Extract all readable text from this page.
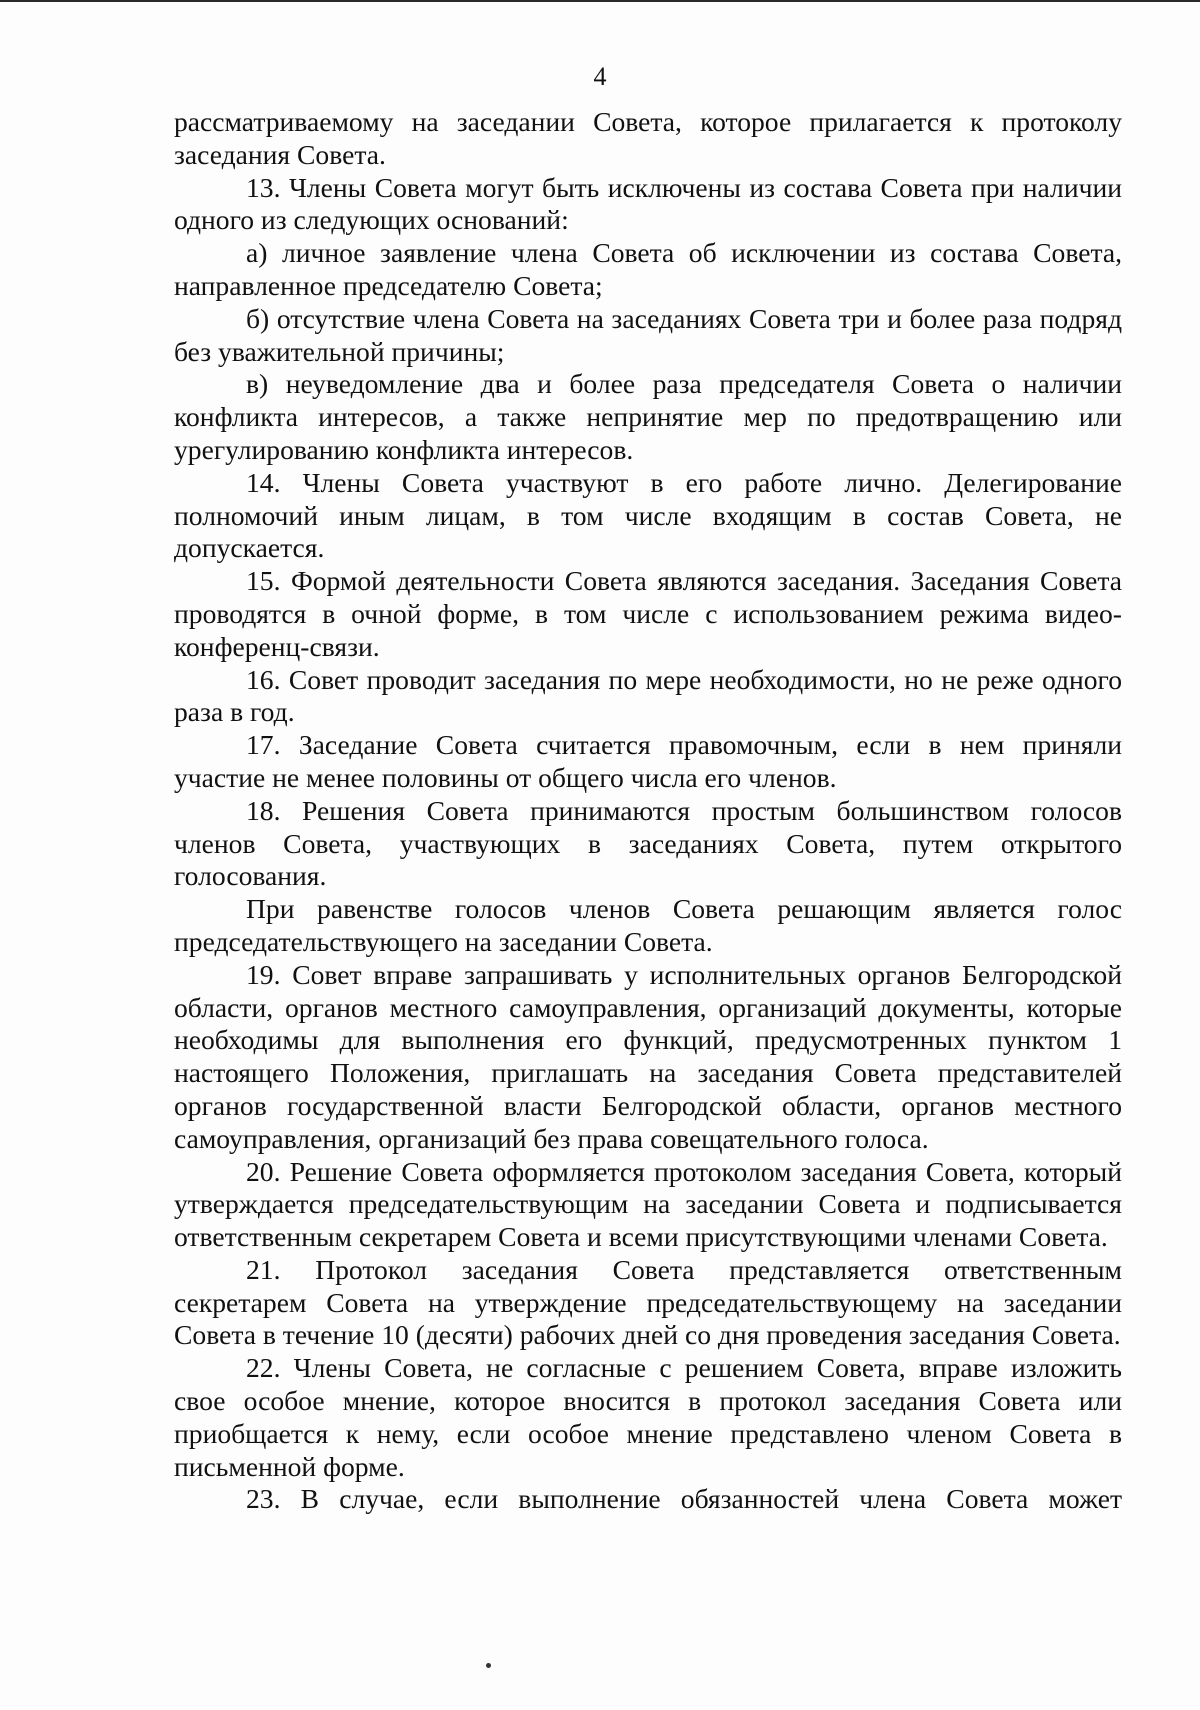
4

рассматриваемому на заседании Совета, которое прилагается к протоколу заседания Совета.

13. Члены Совета могут быть исключены из состава Совета при наличии одного из следующих оснований:

а) личное заявление члена Совета об исключении из состава Совета, направленное председателю Совета;

б) отсутствие члена Совета на заседаниях Совета три и более раза подряд без уважительной причины;

в) неуведомление два и более раза председателя Совета о наличии конфликта интересов, а также непринятие мер по предотвращению или урегулированию конфликта интересов.

14. Члены Совета участвуют в его работе лично. Делегирование полномочий иным лицам, в том числе входящим в состав Совета, не допускается.

15. Формой деятельности Совета являются заседания. Заседания Совета проводятся в очной форме, в том числе с использованием режима видео-конференц-связи.

16. Совет проводит заседания по мере необходимости, но не реже одного раза в год.

17. Заседание Совета считается правомочным, если в нем приняли участие не менее половины от общего числа его членов.

18. Решения Совета принимаются простым большинством голосов членов Совета, участвующих в заседаниях Совета, путем открытого голосования.

При равенстве голосов членов Совета решающим является голос председательствующего на заседании Совета.

19. Совет вправе запрашивать у исполнительных органов Белгородской области, органов местного самоуправления, организаций документы, которые необходимы для выполнения его функций, предусмотренных пунктом 1 настоящего Положения, приглашать на заседания Совета представителей органов государственной власти Белгородской области, органов местного самоуправления, организаций без права совещательного голоса.

20. Решение Совета оформляется протоколом заседания Совета, который утверждается председательствующим на заседании Совета и подписывается ответственным секретарем Совета и всеми присутствующими членами Совета.

21. Протокол заседания Совета представляется ответственным секретарем Совета на утверждение председательствующему на заседании Совета в течение 10 (десяти) рабочих дней со дня проведения заседания Совета.

22. Члены Совета, не согласные с решением Совета, вправе изложить свое особое мнение, которое вносится в протокол заседания Совета или приобщается к нему, если особое мнение представлено членом Совета в письменной форме.

23. В случае, если выполнение обязанностей члена Совета может
